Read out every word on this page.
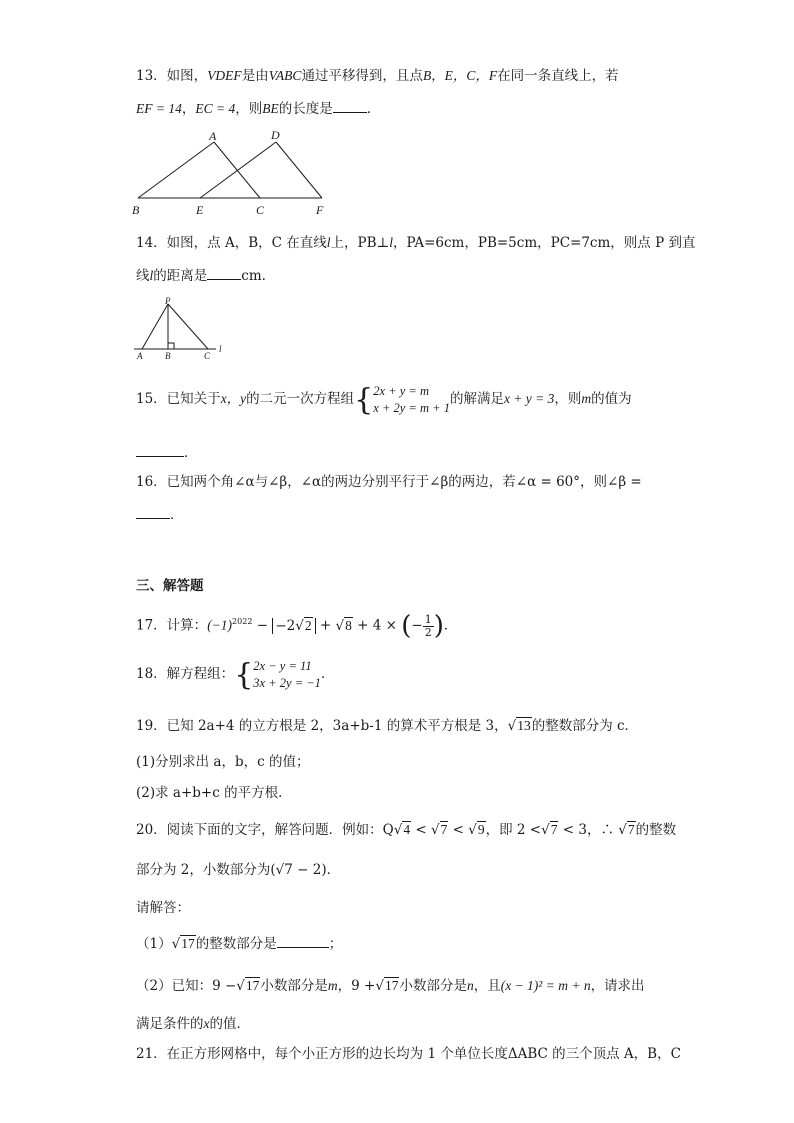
13．如图，VDEF是由VABC通过平移得到，且点B，E，C，F在同一条直线上，若
EF = 14，EC = 4，则BE的长度是	．
A	D
B	E	C	F
14．如图，点 A，B，C 在直线l上，PB⊥l，PA=6cm，PB=5cm，PC=7cm，则点 P 到直
线l的距离是	cm.
P
A	B	C
l
15．已知关于x，y的二元一次方程组{ 2x + y = m
x + 2y = m + 1
的解满足x + y = 3，则m的值为
．
16．已知两个角∠α与∠β，∠α的两边分别平行于∠β的两边，若∠α = 60°，则∠β =
．
三、解答题
17．计算：$(-1)^{2022} - -2√2 + √8 + 4$ × (− $\frac{1}{2}$)．
18．解方程组：{ 2x − y = 11
3x + 2y = −1
．
19．已知 2a+4 的立方根是 2，3a+b-1 的算术平方根是 3，√13的整数部分为 c．
(1)分别求出 a，b，c 的值；
(2)求 a+b+c 的平方根．
20．阅读下面的文字，解答问题．例如：Q√4 < √7 < √9，即 2 <√7 < 3，∴ √7的整数
部分为 2，小数部分为(√7 − 2)．
请解答：
（1）√17的整数部分是	；
（2）已知：9 −√17小数部分是m，9 +√17小数部分是n，且(x − 1)² = m + n，请求出
满足条件的x的值．
21．在正方形网格中，每个小正方形的边长均为 1 个单位长度ΔABC 的三个顶点 A，B，C
